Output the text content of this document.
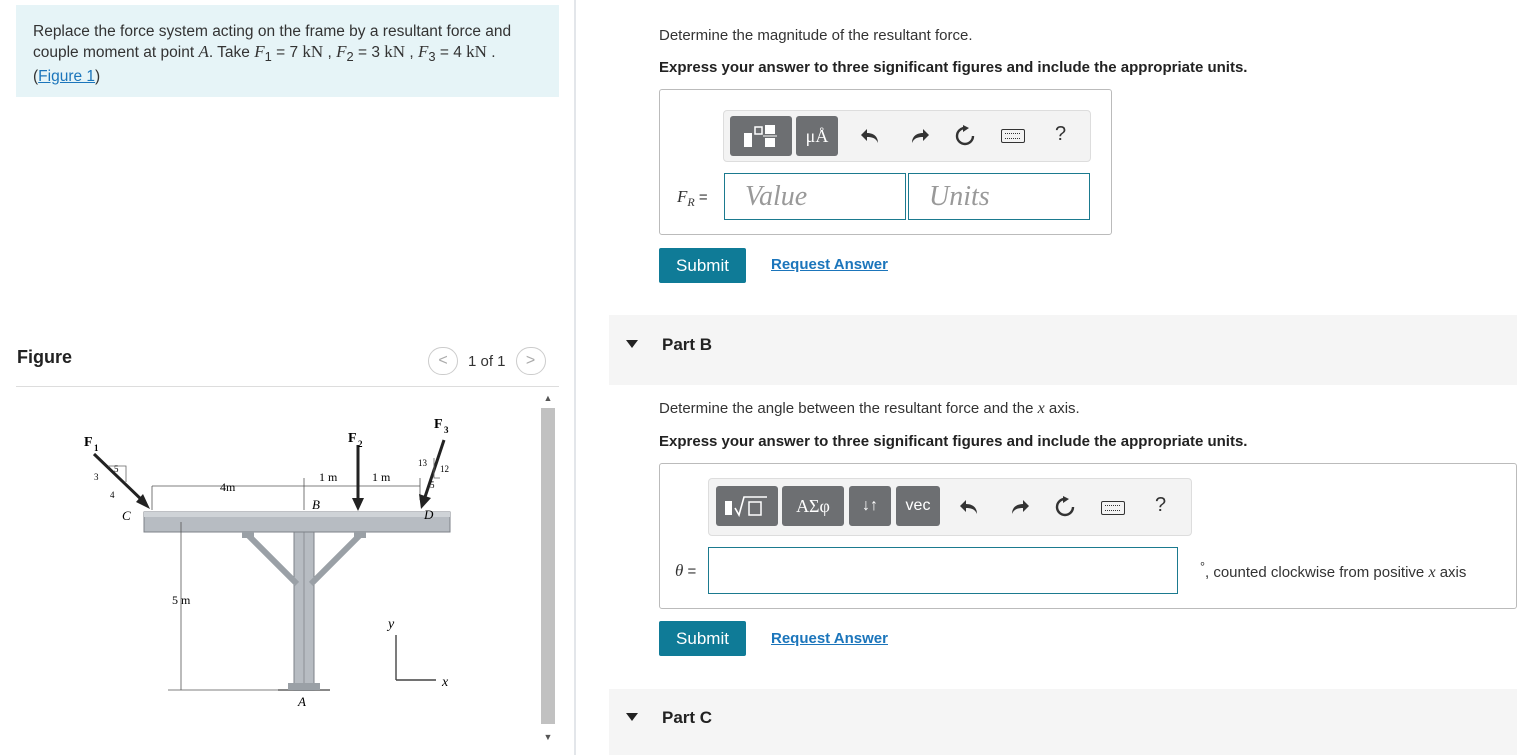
Replace the force system acting on the frame by a resultant force and couple moment at point A. Take $F_1 = 7$ kN , $F_2 = 3$ kN , $F_3 = 4$ kN .
(Figure 1)
Figure	<	1 of 1	>
F 1
F 2
F 3
3
4
5
13
12
5
4m
1 m	1 m
5 m
C
B
D
A
x
y
▲
▼
Determine the magnitude of the resultant force.
Express your answer to three significant figures and include the appropriate units.
μÅ	?
$F_R$ =	Value	Units
Submit	Request Answer
Part B
Determine the angle between the resultant force and the x axis.
Express your answer to three significant figures and include the appropriate units.
ΑΣφ	↓↑	vec	?
θ =	°, counted clockwise from positive x axis
Submit	Request Answer
Part C
